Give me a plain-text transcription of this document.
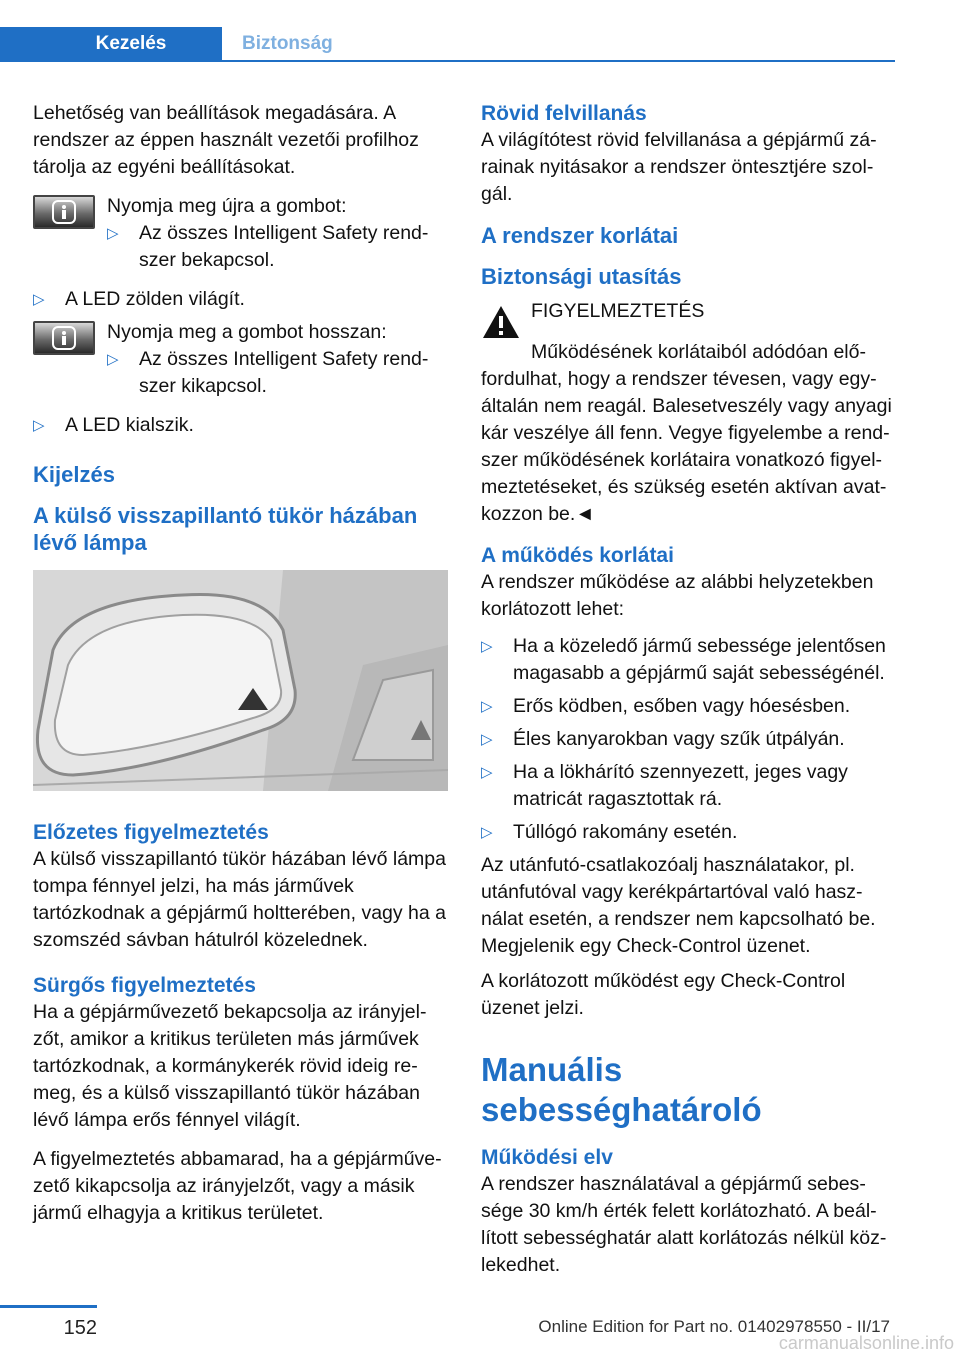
Kezelés	Biztonság

Lehetőség van beállítások megadására. A rendszer az éppen használt vezetői profilhoz tárolja az egyéni beállításokat.

Nyomja meg újra a gombot:

▷	Az összes Intelligent Safety rendszer bekapcsol.

▷	A LED zölden világít.

Nyomja meg a gombot hosszan:

▷	Az összes Intelligent Safety rendszer kikapcsol.

▷	A LED kialszik.

Kijelzés

A külső visszapillantó tükör házában lévő lámpa

Előzetes figyelmeztetés

A külső visszapillantó tükör házában lévő lámpa tompa fénnyel jelzi, ha más járművek tartózkodnak a gépjármű holtterében, vagy ha a szomszéd sávban hátulról közelednek.

Sürgős figyelmeztetés

Ha a gépjárművezető bekapcsolja az irányjelzőt, amikor a kritikus területen más járművek tartózkodnak, a kormánykerék rövid ideig remeg, és a külső visszapillantó tükör házában lévő lámpa erős fénnyel világít.

A figyelmeztetés abbamarad, ha a gépjárművezető kikapcsolja az irányjelzőt, vagy a másik jármű elhagyja a kritikus területet.

Rövid felvillanás

A világítótest rövid felvillanása a gépjármű zárainak nyitásakor a rendszer öntesztjére szolgál.

A rendszer korlátai

Biztonsági utasítás

FIGYELMEZTETÉS

Működésének korlátaiból adódóan előfordulhat, hogy a rendszer tévesen, vagy egyáltalán nem reagál. Balesetveszély vagy anyagi kár veszélye áll fenn. Vegye figyelembe a rendszer működésének korlátaira vonatkozó figyelmeztetéseket, és szükség esetén aktívan avatkozzon be.◄

A működés korlátai

A rendszer működése az alábbi helyzetekben korlátozott lehet:

▷	Ha a közeledő jármű sebessége jelentősen magasabb a gépjármű saját sebességénél.

▷	Erős ködben, esőben vagy hóesésben.

▷	Éles kanyarokban vagy szűk útpályán.

▷	Ha a lökhárító szennyezett, jeges vagy matricát ragasztottak rá.

▷	Túllógó rakomány esetén.

Az utánfutó-csatlakozóalj használatakor, pl. utánfutóval vagy kerékpártartóval való használat esetén, a rendszer nem kapcsolható be. Megjelenik egy Check-Control üzenet.

A korlátozott működést egy Check-Control üzenet jelzi.

Manuális sebességhatároló

Működési elv

A rendszer használatával a gépjármű sebessége 30 km/h érték felett korlátozható. A beállított sebességhatár alatt korlátozás nélkül közlekedhet.

152	Online Edition for Part no. 01402978550 - II/17
carmanualsonline.info
